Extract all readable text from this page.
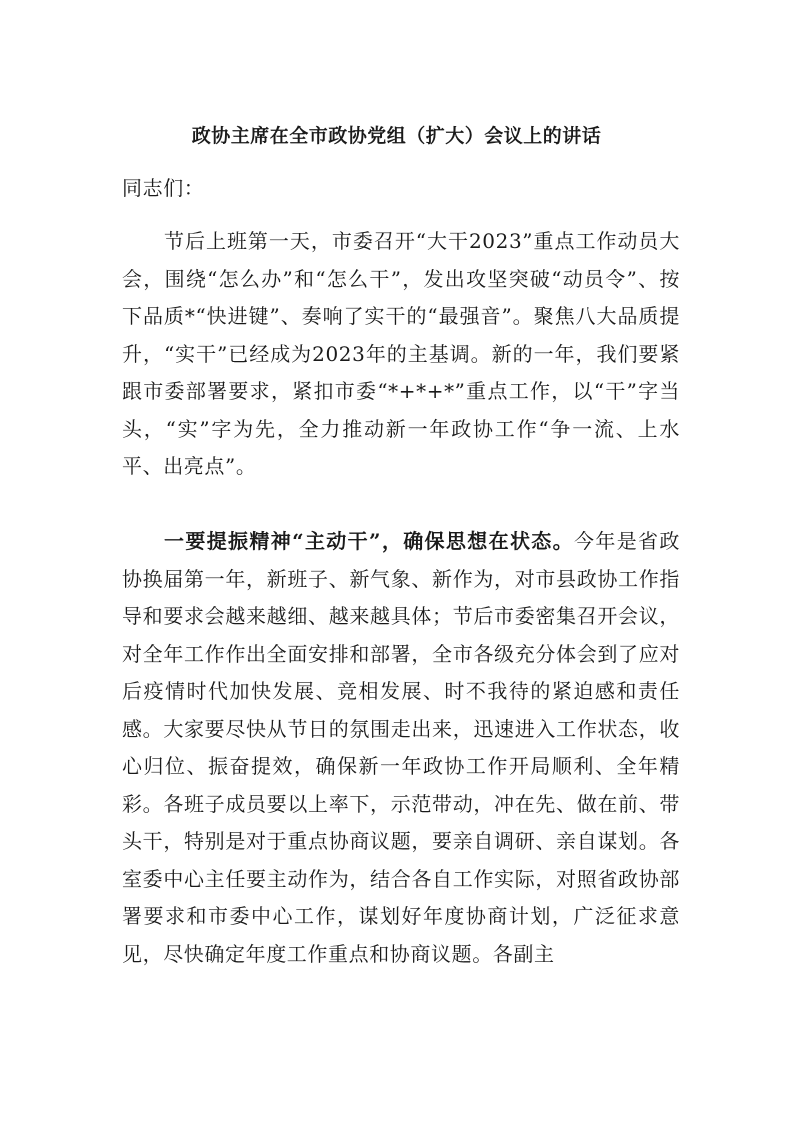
政协主席在全市政协党组（扩大）会议上的讲话
同志们：
节后上班第一天，市委召开“大干2023”重点工作动员大会，围绕“怎么办”和“怎么干”，发出攻坚突破“动员令”、按下品质*“快进键”、奏响了实干的“最强音”。聚焦八大品质提升，“实干”已经成为2023年的主基调。新的一年，我们要紧跟市委部署要求，紧扣市委“*+*+*”重点工作，以“干”字当头，“实”字为先，全力推动新一年政协工作“争一流、上水平、出亮点”。
一要提振精神“主动干”，确保思想在状态。今年是省政协换届第一年，新班子、新气象、新作为，对市县政协工作指导和要求会越来越细、越来越具体；节后市委密集召开会议，对全年工作作出全面安排和部署，全市各级充分体会到了应对后疫情时代加快发展、竞相发展、时不我待的紧迫感和责任感。大家要尽快从节日的氛围走出来，迅速进入工作状态，收心归位、振奋提效，确保新一年政协工作开局顺利、全年精彩。各班子成员要以上率下，示范带动，冲在先、做在前、带头干，特别是对于重点协商议题，要亲自调研、亲自谋划。各室委中心主任要主动作为，结合各自工作实际，对照省政协部署要求和市委中心工作，谋划好年度协商计划，广泛征求意见，尽快确定年度工作重点和协商议题。各副主
